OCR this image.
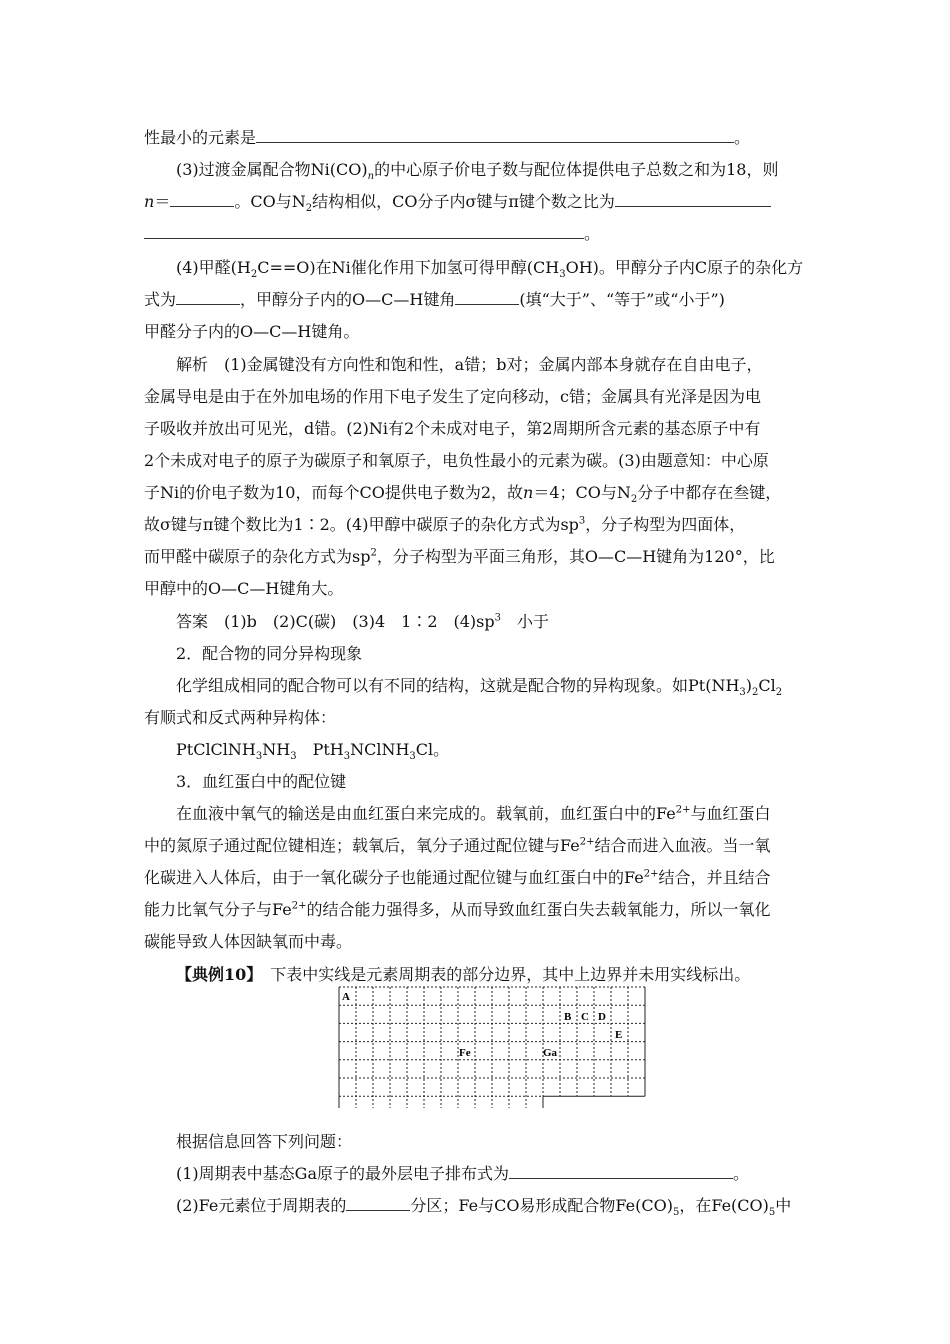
性最小的元素是	。
(3)过渡金属配合物$Ni(CO)_n$的中心原子价电子数与配位体提供电子总数之和为18，则
n＝	。CO与$N_2$结构相似，CO分子内σ键与π键个数之比为
。
(4)甲醛$(H_2C==O)$在Ni催化作用下加氢可得甲醇$(CH_3OH)$。甲醇分子内C原子的杂化方
式为	，甲醇分子内的O—C—H键角	(填“大于”、“等于”或“小于”)
甲醛分子内的O—C—H键角。
解析　(1)金属键没有方向性和饱和性，a错；b对；金属内部本身就存在自由电子，
金属导电是由于在外加电场的作用下电子发生了定向移动，c错；金属具有光泽是因为电
子吸收并放出可见光，d错。(2)Ni有2个未成对电子，第2周期所含元素的基态原子中有
2个未成对电子的原子为碳原子和氧原子，电负性最小的元素为碳。(3)由题意知：中心原
子Ni的价电子数为10，而每个CO提供电子数为2，故n＝4；CO与$N_2$分子中都存在叁键，
故σ键与π键个数比为1∶2。(4)甲醇中碳原子的杂化方式为$sp^3$，分子构型为四面体，
而甲醛中碳原子的杂化方式为$sp^2$，分子构型为平面三角形，其O—C—H键角为120°，比
甲醇中的O—C—H键角大。
答案　(1)b　(2)C(碳)　(3)4　1∶2　$(4)sp^3$　小于
2．配合物的同分异构现象
化学组成相同的配合物可以有不同的结构，这就是配合物的异构现象。如$Pt(NH_3)_2Cl_2$
有顺式和反式两种异构体：
$PtClClNH_3NH_3$　PtH$_3$NClNH$_3$Cl。
3．血红蛋白中的配位键
在血液中氧气的输送是由血红蛋白来完成的。载氧前，血红蛋白中的$Fe^{2+}$与血红蛋白
中的氮原子通过配位键相连；载氧后，氧分子通过配位键与$Fe^{2+}$结合而进入血液。当一氧
化碳进入人体后，由于一氧化碳分子也能通过配位键与血红蛋白中的$Fe^{2+}$结合，并且结合
能力比氧气分子与$Fe^{2+}$的结合能力强得多，从而导致血红蛋白失去载氧能力，所以一氧化
碳能导致人体因缺氧而中毒。
【典例10】　下表中实线是元素周期表的部分边界，其中上边界并未用实线标出。
A
B C D
E
Fe	Ga
根据信息回答下列问题：
(1)周期表中基态Ga原子的最外层电子排布式为	。
(2)Fe元素位于周期表的	分区；Fe与CO易形成配合物$Fe(CO)_5$，在$Fe(CO)_5$中
